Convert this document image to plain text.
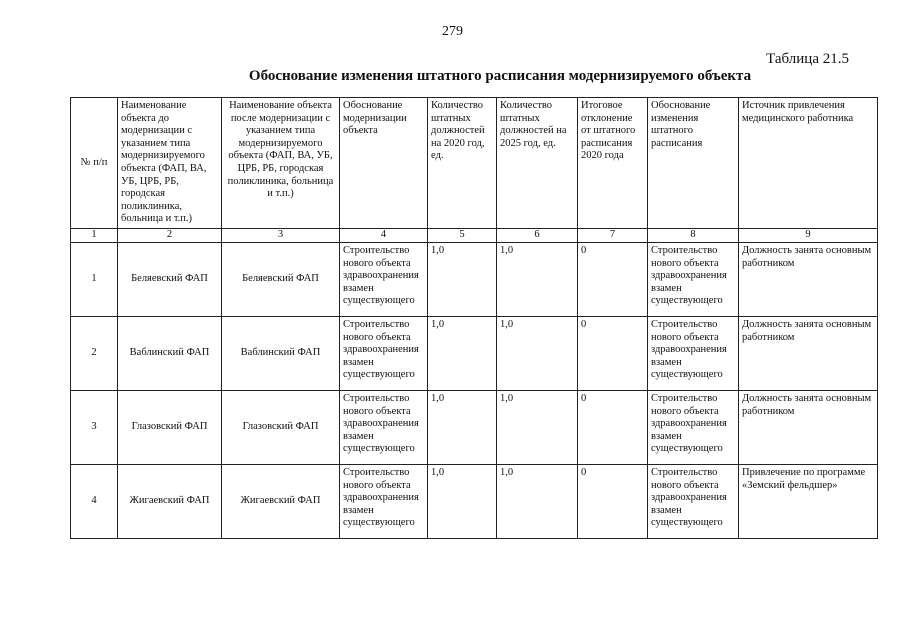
279
Таблица 21.5
Обоснование изменения штатного расписания модернизируемого объекта
№ п/п	Наименование объекта до модернизации с указанием типа модернизируемого объекта (ФАП, ВА, УБ, ЦРБ, РБ, городская поликлиника, больница и т.п.)	Наименование объекта после модернизации с указанием типа модернизируемого объекта (ФАП, ВА, УБ, ЦРБ, РБ, городская поликлиника, больница и т.п.)	Обоснование модернизации объекта	Количество штатных должностей на 2020 год, ед.	Количество штатных должностей на 2025 год, ед.	Итоговое отклонение от штатного расписания 2020 года	Обоснование изменения штатного расписания	Источник привлечения медицинского работника
1	2	3	4	5	6	7	8	9
1	Беляевский ФАП	Беляевский ФАП	Строительство нового объекта здравоохранения взамен существующего	1,0	1,0	0	Строительство нового объекта здравоохранения взамен существующего	Должность занята основным работником
2	Ваблинский ФАП	Ваблинский ФАП	Строительство нового объекта здравоохранения взамен существующего	1,0	1,0	0	Строительство нового объекта здравоохранения взамен существующего	Должность занята основным работником
3	Глазовский ФАП	Глазовский ФАП	Строительство нового объекта здравоохранения взамен существующего	1,0	1,0	0	Строительство нового объекта здравоохранения взамен существующего	Должность занята основным работником
4	Жигаевский ФАП	Жигаевский ФАП	Строительство нового объекта здравоохранения взамен существующего	1,0	1,0	0	Строительство нового объекта здравоохранения взамен существующего	Привлечение по программе «Земский фельдшер»
